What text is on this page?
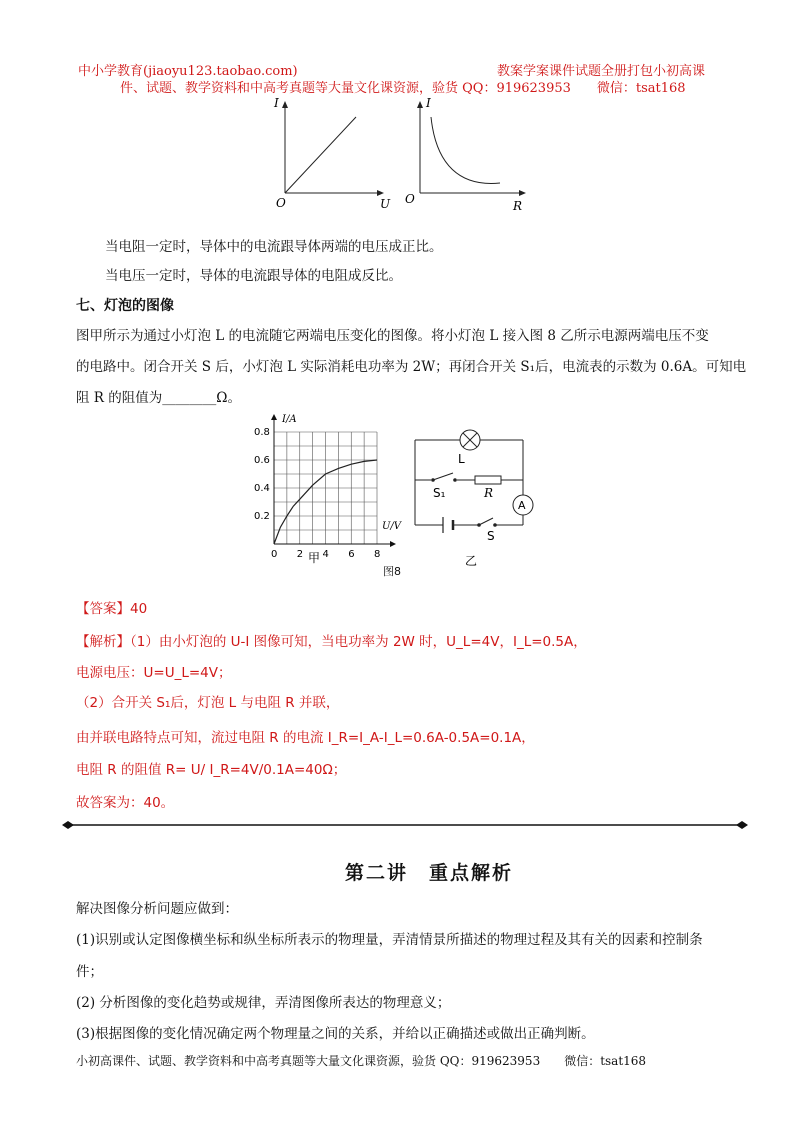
中小学教育(jiaoyu123.taobao.com)	教案学案课件试题全册打包小初高课
件、试题、教学资料和中高考真题等大量文化课资源，验货 QQ：919623953　　微信：tsat168
I
U
O
I
R
O
当电阻一定时，导体中的电流跟导体两端的电压成正比。
当电压一定时，导体的电流跟导体的电阻成反比。
七、灯泡的图像
图甲所示为通过小灯泡 L 的电流随它两端电压变化的图像。将小灯泡 L 接入图 8 乙所示电源两端电压不变
的电路中。闭合开关 S 后，小灯泡 L 实际消耗电功率为 2W；再闭合开关 S₁后，电流表的示数为 0.6A。可知电
阻 R 的阻值为________Ω。
0 2 4 6 8
0.2
0.4
0.6
0.8
I/A
U/V
甲
L
S₁	R
A
S
乙
图8
【答案】40
【解析】（1）由小灯泡的 U-I 图像可知，当电功率为 2W 时，U_L=4V，I_L=0.5A，
电源电压：U=U_L=4V；
（2）合开关 S₁后，灯泡 L 与电阻 R 并联，
由并联电路特点可知，流过电阻 R 的电流 I_R=I_A-I_L=0.6A-0.5A=0.1A，
电阻 R 的阻值 R= U/ I_R=4V/0.1A=40Ω；
故答案为：40。
第二讲　重点解析
解决图像分析问题应做到：
(1)识别或认定图像横坐标和纵坐标所表示的物理量，弄清情景所描述的物理过程及其有关的因素和控制条
件；
(2) 分析图像的变化趋势或规律，弄清图像所表达的物理意义；
(3)根据图像的变化情况确定两个物理量之间的关系，并给以正确描述或做出正确判断。
小初高课件、试题、教学资料和中高考真题等大量文化课资源，验货 QQ：919623953　　微信：tsat168
